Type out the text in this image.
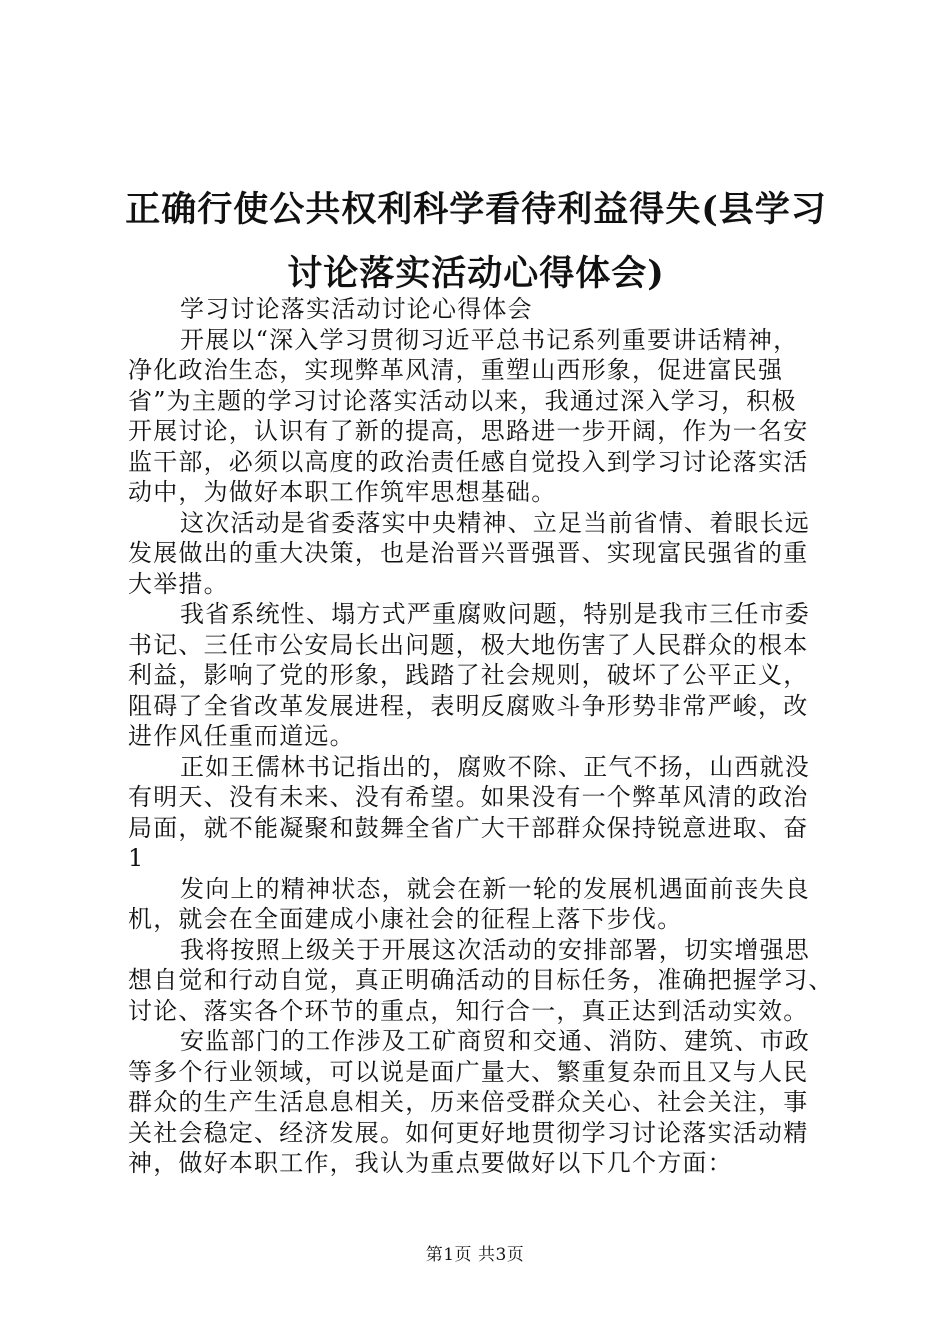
正确行使公共权利科学看待利益得失(县学习
讨论落实活动心得体会)
学习讨论落实活动讨论心得体会
开展以“深入学习贯彻习近平总书记系列重要讲话精神，
净化政治生态，实现弊革风清，重塑山西形象，促进富民强
省”为主题的学习讨论落实活动以来，我通过深入学习，积极
开展讨论，认识有了新的提高，思路进一步开阔，作为一名安
监干部，必须以高度的政治责任感自觉投入到学习讨论落实活
动中，为做好本职工作筑牢思想基础。
这次活动是省委落实中央精神、立足当前省情、着眼长远
发展做出的重大决策，也是治晋兴晋强晋、实现富民强省的重
大举措。
我省系统性、塌方式严重腐败问题，特别是我市三任市委
书记、三任市公安局长出问题，极大地伤害了人民群众的根本
利益，影响了党的形象，践踏了社会规则，破坏了公平正义，
阻碍了全省改革发展进程，表明反腐败斗争形势非常严峻，改
进作风任重而道远。
正如王儒林书记指出的，腐败不除、正气不扬，山西就没
有明天、没有未来、没有希望。如果没有一个弊革风清的政治
局面，就不能凝聚和鼓舞全省广大干部群众保持锐意进取、奋
1
发向上的精神状态，就会在新一轮的发展机遇面前丧失良
机，就会在全面建成小康社会的征程上落下步伐。
我将按照上级关于开展这次活动的安排部署，切实增强思
想自觉和行动自觉，真正明确活动的目标任务，准确把握学习、
讨论、落实各个环节的重点，知行合一，真正达到活动实效。
安监部门的工作涉及工矿商贸和交通、消防、建筑、市政
等多个行业领域，可以说是面广量大、繁重复杂而且又与人民
群众的生产生活息息相关，历来倍受群众关心、社会关注，事
关社会稳定、经济发展。如何更好地贯彻学习讨论落实活动精
神，做好本职工作，我认为重点要做好以下几个方面：
第1页 共3页
